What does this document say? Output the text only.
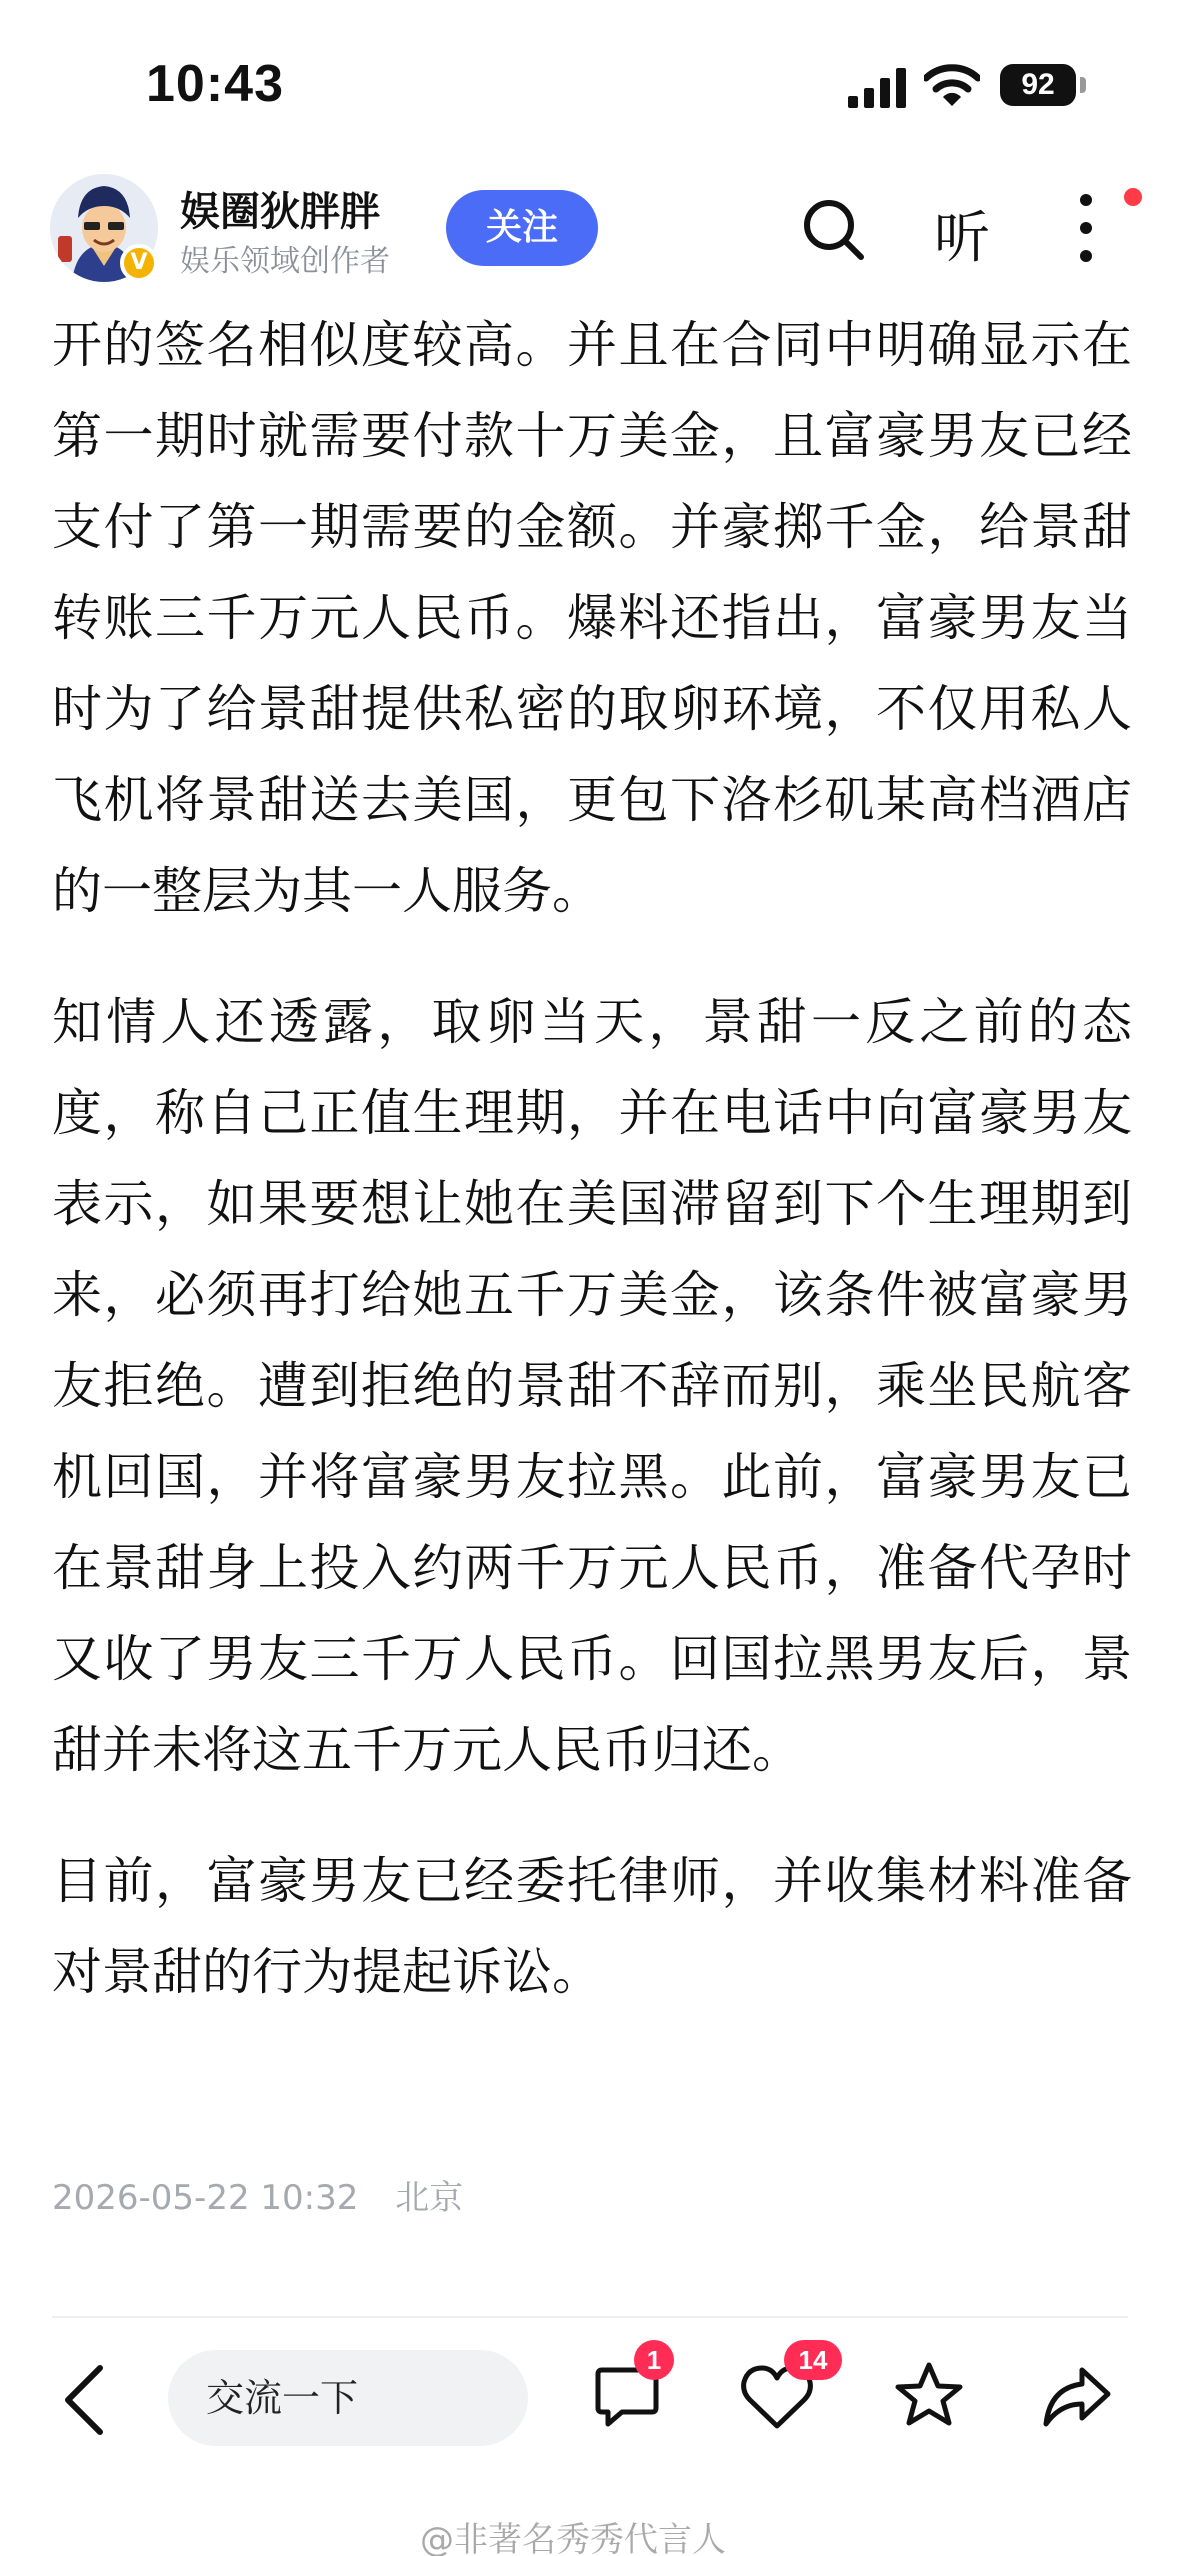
10:43	92
V
娱圈狄胖胖
娱乐领域创作者
关注	听

开的签名相似度较高。并且在合同中明确显示在第一期时就需要付款十万美金，且富豪男友已经支付了第一期需要的金额。并豪掷千金，给景甜转账三千万元人民币。爆料还指出，富豪男友当时为了给景甜提供私密的取卵环境，不仅用私人飞机将景甜送去美国，更包下洛杉矶某高档酒店的一整层为其一人服务。

知情人还透露，取卵当天，景甜一反之前的态度，称自己正值生理期，并在电话中向富豪男友表示，如果要想让她在美国滞留到下个生理期到来，必须再打给她五千万美金，该条件被富豪男友拒绝。遭到拒绝的景甜不辞而别，乘坐民航客机回国，并将富豪男友拉黑。此前，富豪男友已在景甜身上投入约两千万元人民币，准备代孕时又收了男友三千万人民币。回国拉黑男友后，景甜并未将这五千万元人民币归还。

目前，富豪男友已经委托律师，并收集材料准备对景甜的行为提起诉讼。

2026-05-22 10:32 北京
交流一下
1	14
@非著名秀秀代言人
